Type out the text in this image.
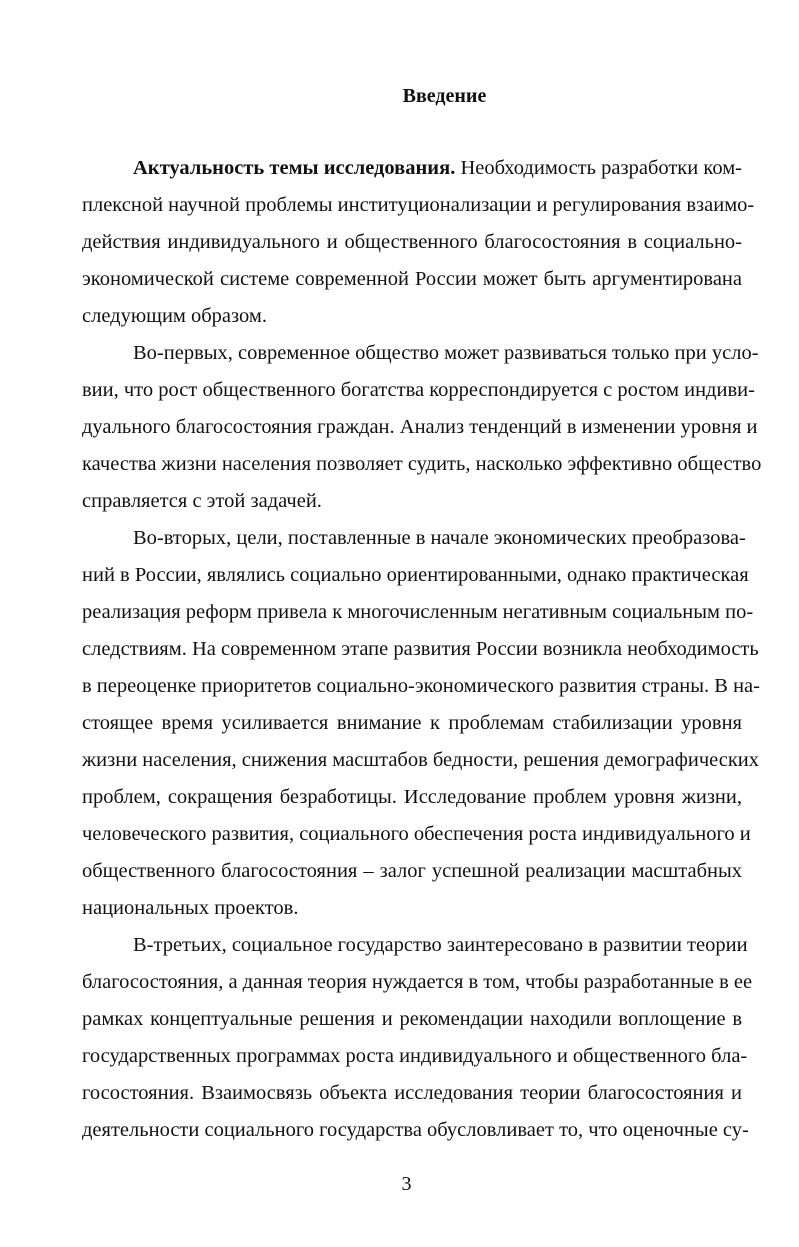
Введение
Актуальность темы исследования. Необходимость разработки ком-
плексной научной проблемы институционализации и регулирования взаимо-
действия индивидуального и общественного благосостояния в социально-
экономической системе современной России может быть аргументирована
следующим образом.
Во-первых, современное общество может развиваться только при усло-
вии, что рост общественного богатства корреспондируется с ростом индиви-
дуального благосостояния граждан. Анализ тенденций в изменении уровня и
качества жизни населения позволяет судить, насколько эффективно общество
справляется с этой задачей.
Во-вторых, цели, поставленные в начале экономических преобразова-
ний в России, являлись социально ориентированными, однако практическая
реализация реформ привела к многочисленным негативным социальным по-
следствиям. На современном этапе развития России возникла необходимость
в переоценке приоритетов социально-экономического развития страны. В на-
стоящее время усиливается внимание к проблемам стабилизации уровня
жизни населения, снижения масштабов бедности, решения демографических
проблем, сокращения безработицы. Исследование проблем уровня жизни,
человеческого развития, социального обеспечения роста индивидуального и
общественного благосостояния – залог успешной реализации масштабных
национальных проектов.
В-третьих, социальное государство заинтересовано в развитии теории
благосостояния, а данная теория нуждается в том, чтобы разработанные в ее
рамках концептуальные решения и рекомендации находили воплощение в
государственных программах роста индивидуального и общественного бла-
госостояния. Взаимосвязь объекта исследования теории благосостояния и
деятельности социального государства обусловливает то, что оценочные су-
3
